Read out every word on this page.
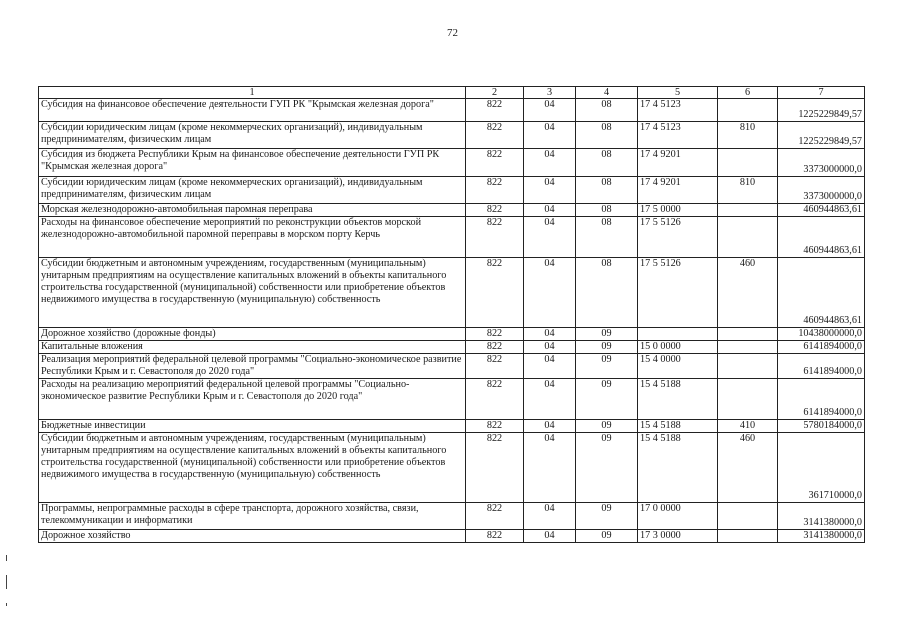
72
1	2	3	4	5	6	7
Субсидия на финансовое обеспечение деятельности ГУП РК "Крымская железная дорога"	822	04	08	17 4 5123		1225229849,57
Субсидии юридическим лицам (кроме некоммерческих организаций), индивидуальным предпринимателям, физическим лицам	822	04	08	17 4 5123	810	1225229849,57
Субсидия из бюджета Республики Крым на финансовое обеспечение деятельности ГУП РК "Крымская железная дорога"	822	04	08	17 4 9201		3373000000,0
Субсидии юридическим лицам (кроме некоммерческих организаций), индивидуальным предпринимателям, физическим лицам	822	04	08	17 4 9201	810	3373000000,0
Морская железнодорожно-автомобильная паромная переправа	822	04	08	17 5 0000		460944863,61
Расходы на финансовое обеспечение мероприятий по реконструкции объектов морской железнодорожно-автомобильной паромной переправы в морском порту Керчь	822	04	08	17 5 5126		460944863,61
Субсидии бюджетным и автономным учреждениям, государственным (муниципальным) унитарным предприятиям на осуществление капитальных вложений в объекты капитального строительства государственной (муниципальной) собственности или приобретение объектов недвижимого имущества в государственную (муниципальную) собственность	822	04	08	17 5 5126	460	460944863,61
Дорожное хозяйство (дорожные фонды)	822	04	09			10438000000,0
Капитальные вложения	822	04	09	15 0 0000		6141894000,0
Реализация мероприятий федеральной целевой программы "Социально-экономическое развитие Республики Крым и г. Севастополя до 2020 года"	822	04	09	15 4 0000		6141894000,0
Расходы на реализацию мероприятий федеральной целевой программы "Социально-экономическое развитие Республики Крым и г. Севастополя до 2020 года"	822	04	09	15 4 5188		6141894000,0
Бюджетные инвестиции	822	04	09	15 4 5188	410	5780184000,0
Субсидии бюджетным и автономным учреждениям, государственным (муниципальным) унитарным предприятиям на осуществление капитальных вложений в объекты капитального строительства государственной (муниципальной) собственности или приобретение объектов недвижимого имущества в государственную (муниципальную) собственность	822	04	09	15 4 5188	460	361710000,0
Программы, непрограммные расходы в сфере транспорта, дорожного хозяйства, связи, телекоммуникации и информатики	822	04	09	17 0 0000		3141380000,0
Дорожное хозяйство	822	04	09	17 3 0000		3141380000,0
